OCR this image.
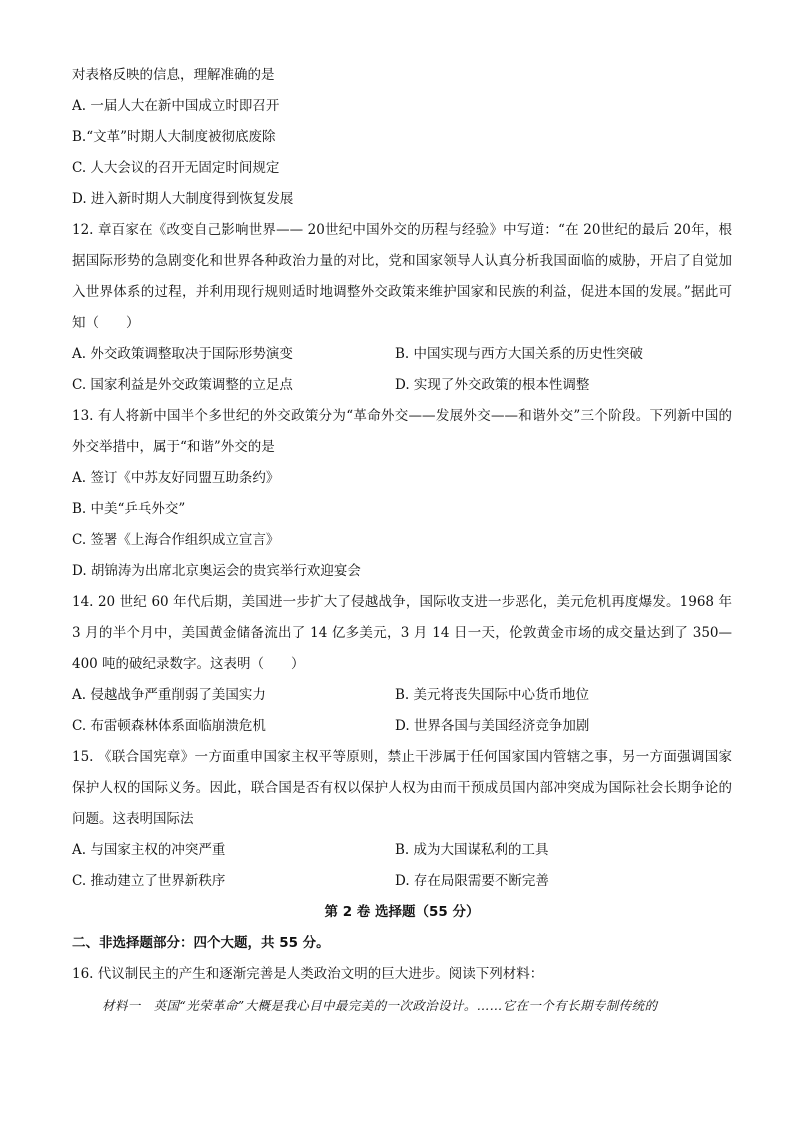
对表格反映的信息，理解准确的是
A. 一届人大在新中国成立时即召开
B.“文革”时期人大制度被彻底废除
C. 人大会议的召开无固定时间规定
D. 进入新时期人大制度得到恢复发展
12. 章百家在《改变自己影响世界—— 20世纪中国外交的历程与经验》中写道：“在 20世纪的最后 20年，根据国际形势的急剧变化和世界各种政治力量的对比，党和国家领导人认真分析我国面临的威胁，开启了自觉加入世界体系的过程，并利用现行规则适时地调整外交政策来维护国家和民族的利益，促进本国的发展。”据此可知（　　）
A. 外交政策调整取决于国际形势演变	B. 中国实现与西方大国关系的历史性突破
C. 国家利益是外交政策调整的立足点	D. 实现了外交政策的根本性调整
13. 有人将新中国半个多世纪的外交政策分为“革命外交——发展外交——和谐外交”三个阶段。下列新中国的外交举措中，属于“和谐”外交的是
A. 签订《中苏友好同盟互助条约》
B. 中美“乒乓外交”
C. 签署《上海合作组织成立宣言》
D. 胡锦涛为出席北京奥运会的贵宾举行欢迎宴会
14. 20 世纪 60 年代后期，美国进一步扩大了侵越战争，国际收支进一步恶化，美元危机再度爆发。1968 年 3 月的半个月中，美国黄金储备流出了 14 亿多美元，3 月 14 日一天，伦敦黄金市场的成交量达到了 350—400 吨的破纪录数字。这表明（　　）
A. 侵越战争严重削弱了美国实力	B. 美元将丧失国际中心货币地位
C. 布雷顿森林体系面临崩溃危机	D. 世界各国与美国经济竞争加剧
15. 《联合国宪章》一方面重申国家主权平等原则，禁止干涉属于任何国家国内管辖之事，另一方面强调国家保护人权的国际义务。因此，联合国是否有权以保护人权为由而干预成员国内部冲突成为国际社会长期争论的问题。这表明国际法
A. 与国家主权的冲突严重	B. 成为大国谋私利的工具
C. 推动建立了世界新秩序	D. 存在局限需要不断完善
第 2 卷 选择题（55 分）
二、非选择题部分：四个大题，共 55 分。
16. 代议制民主的产生和逐渐完善是人类政治文明的巨大进步。阅读下列材料：
材料一　英国“光荣革命”大概是我心目中最完美的一次政治设计。……它在一个有长期专制传统的
